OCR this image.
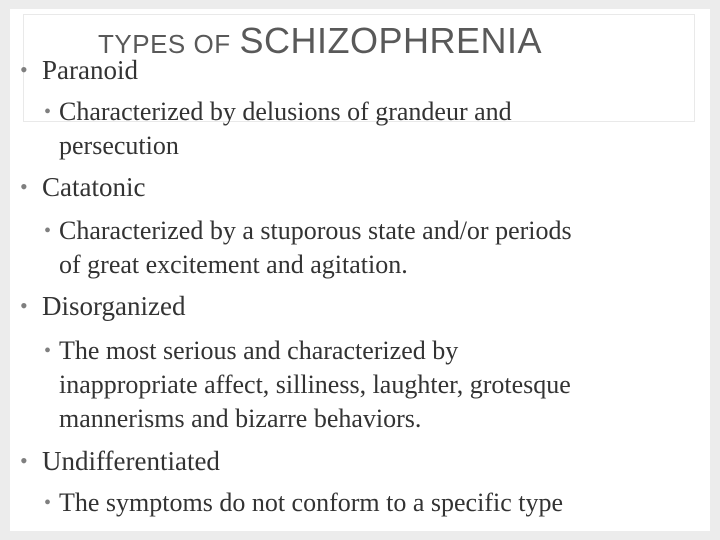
TYPES OF SCHIZOPHRENIA
• Paranoid
• Characterized by delusions of grandeur and
persecution
• Catatonic
• Characterized by a stuporous state and/or periods
of great excitement and agitation.
• Disorganized
• The most serious and characterized by
inappropriate affect, silliness, laughter, grotesque
mannerisms and bizarre behaviors.
• Undifferentiated
• The symptoms do not conform to a specific type
